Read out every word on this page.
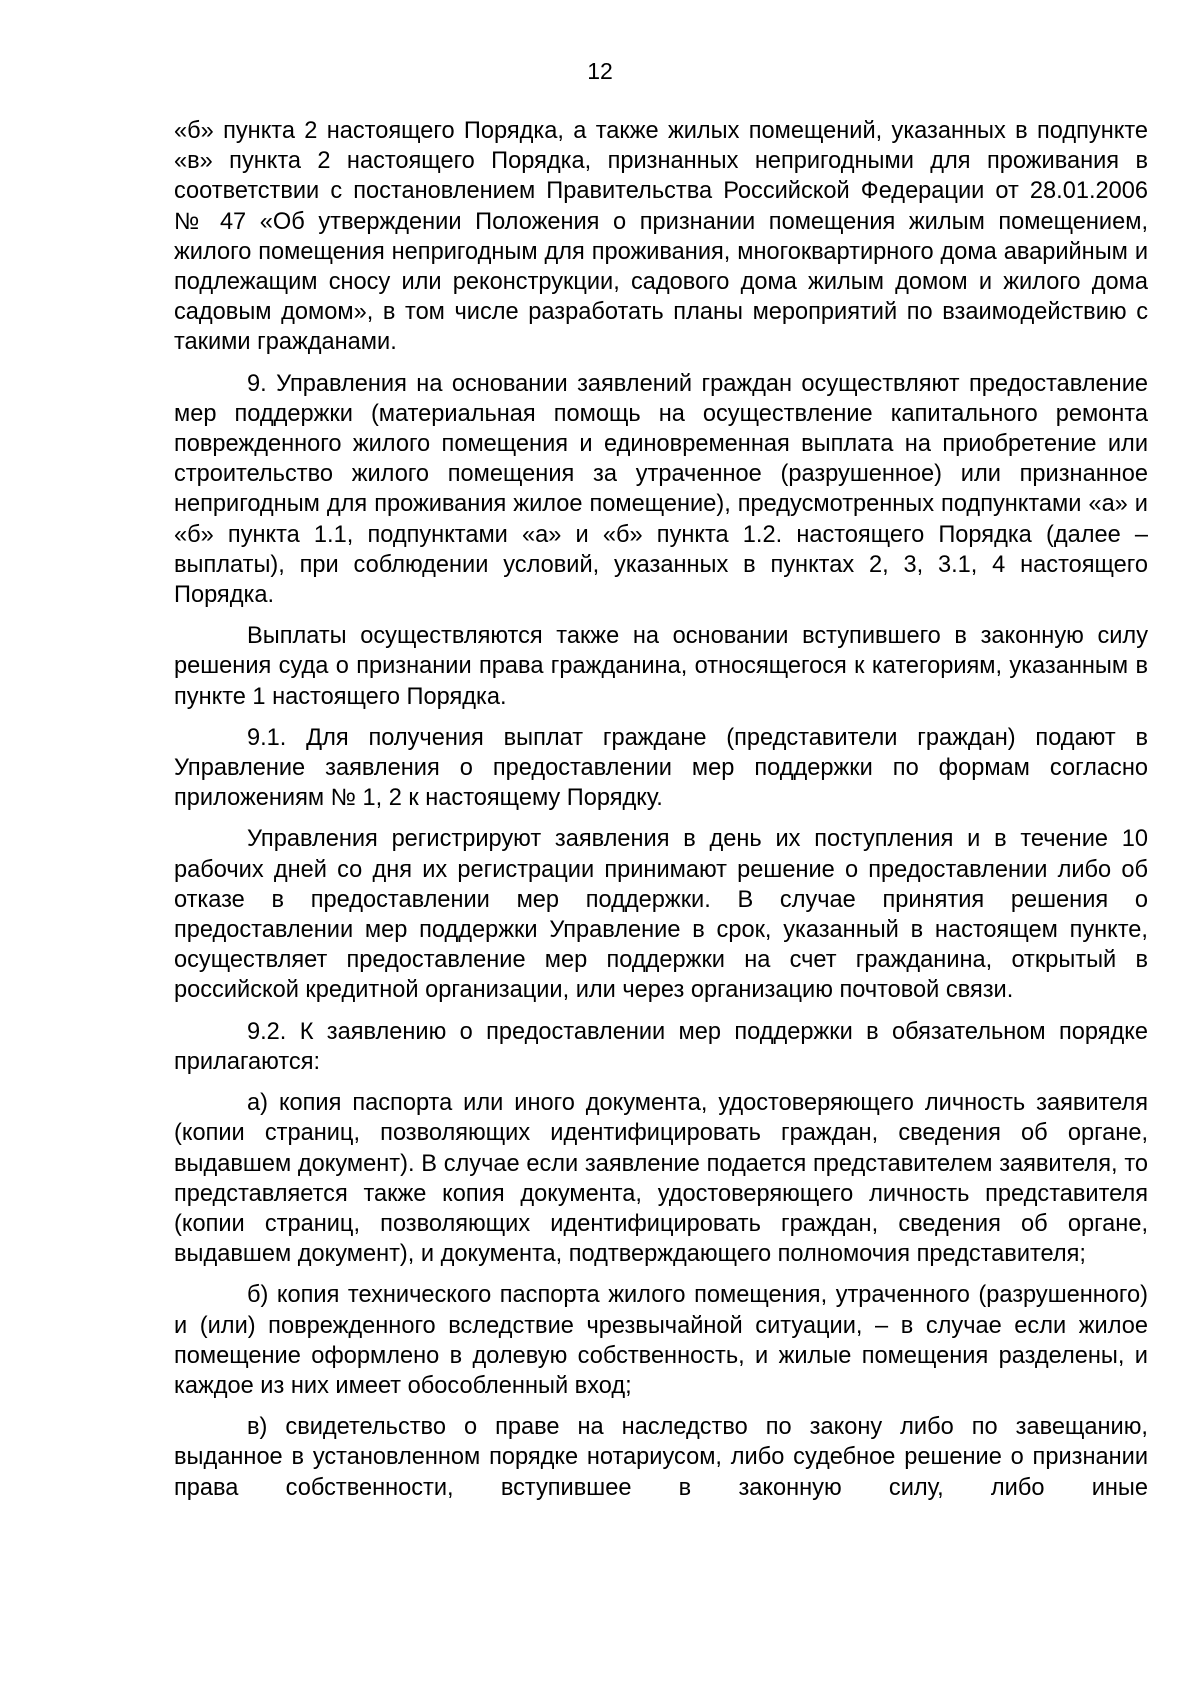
12

«б» пункта 2 настоящего Порядка, а также жилых помещений, указанных в подпункте «в» пункта 2 настоящего Порядка, признанных непригодными для проживания в соответствии с постановлением Правительства Российской Федерации от 28.01.2006 № 47 «Об утверждении Положения о признании помещения жилым помещением, жилого помещения непригодным для проживания, многоквартирного дома аварийным и подлежащим сносу или реконструкции, садового дома жилым домом и жилого дома садовым домом», в том числе разработать планы мероприятий по взаимодействию с такими гражданами.

9. Управления на основании заявлений граждан осуществляют предоставление мер поддержки (материальная помощь на осуществление капитального ремонта поврежденного жилого помещения и единовременная выплата на приобретение или строительство жилого помещения за утраченное (разрушенное) или признанное непригодным для проживания жилое помещение), предусмотренных подпунктами «а» и «б» пункта 1.1, подпунктами «а» и «б» пункта 1.2. настоящего Порядка (далее – выплаты), при соблюдении условий, указанных в пунктах 2, 3, 3.1, 4 настоящего Порядка.

Выплаты осуществляются также на основании вступившего в законную силу решения суда о признании права гражданина, относящегося к категориям, указанным в пункте 1 настоящего Порядка.

9.1. Для получения выплат граждане (представители граждан) подают в Управление заявления о предоставлении мер поддержки по формам согласно приложениям № 1, 2 к настоящему Порядку.

Управления регистрируют заявления в день их поступления и в течение 10 рабочих дней со дня их регистрации принимают решение о предоставлении либо об отказе в предоставлении мер поддержки. В случае принятия решения о предоставлении мер поддержки Управление в срок, указанный в настоящем пункте, осуществляет предоставление мер поддержки на счет гражданина, открытый в российской кредитной организации, или через организацию почтовой связи.

9.2. К заявлению о предоставлении мер поддержки в обязательном порядке прилагаются:

а) копия паспорта или иного документа, удостоверяющего личность заявителя (копии страниц, позволяющих идентифицировать граждан, сведения об органе, выдавшем документ). В случае если заявление подается представителем заявителя, то представляется также копия документа, удостоверяющего личность представителя (копии страниц, позволяющих идентифицировать граждан, сведения об органе, выдавшем документ), и документа, подтверждающего полномочия представителя;

б) копия технического паспорта жилого помещения, утраченного (разрушенного) и (или) поврежденного вследствие чрезвычайной ситуации, – в случае если жилое помещение оформлено в долевую собственность, и жилые помещения разделены, и каждое из них имеет обособленный вход;

в) свидетельство о праве на наследство по закону либо по завещанию, выданное в установленном порядке нотариусом, либо судебное решение о признании права собственности, вступившее в законную силу, либо иные
